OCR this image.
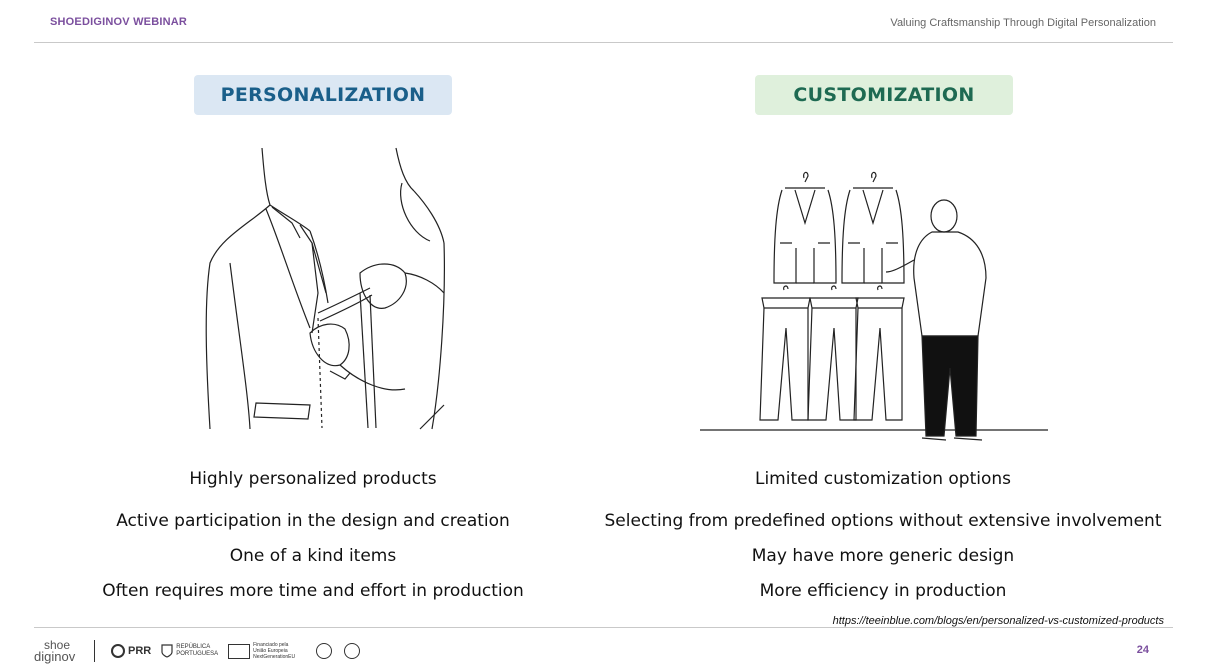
SHOEDIGINOV WEBINAR	Valuing Craftsmanship Through Digital Personalization
PERSONALIZATION	CUSTOMIZATION
Highly personalized products
Active participation in the design and creation
One of a kind items
Often requires more time and effort in production
Limited customization options
Selecting from predefined options without extensive involvement
May have more generic design
More efficiency in production
https://teeinblue.com/blogs/en/personalized-vs-customized-products
shoe
diginov	PRR	REPÚBLICA
PORTUGUESA
Financiado pela
União Europeia
NextGenerationEU
24
